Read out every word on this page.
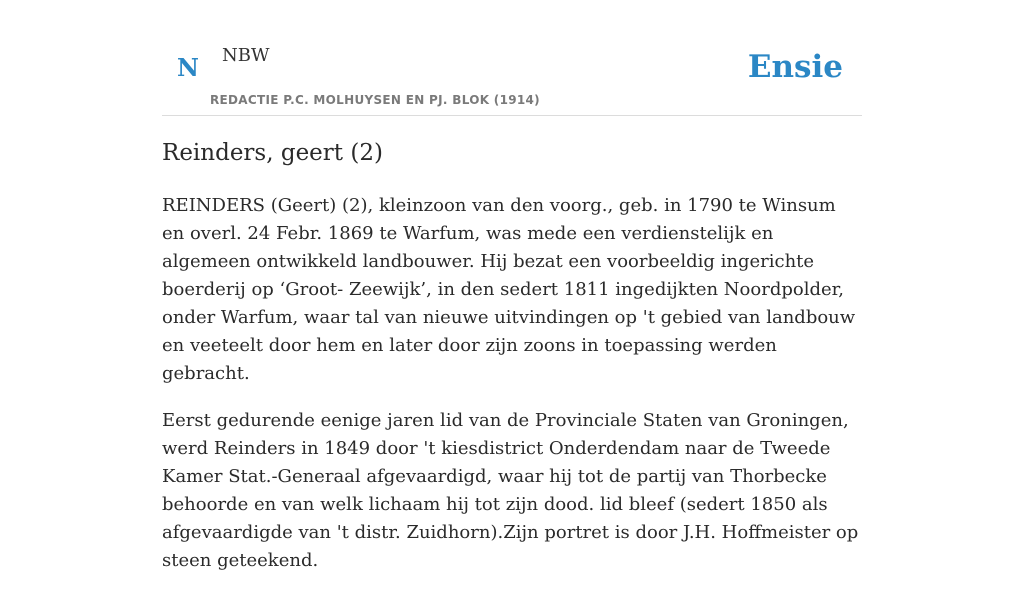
N NBW
REDACTIE P.C. MOLHUYSEN EN PJ. BLOK (1914)
Ensie
Reinders, geert (2)

REINDERS (Geert) (2), kleinzoon van den voorg., geb. in 1790 te Winsum en overl. 24 Febr. 1869 te Warfum, was mede een verdienstelijk en algemeen ontwikkeld landbouwer. Hij bezat een voorbeeldig ingerichte boerderij op ‘Groot- Zeewijk’, in den sedert 1811 ingedijkten Noordpolder, onder Warfum, waar tal van nieuwe uitvindingen op 't gebied van landbouw en veeteelt door hem en later door zijn zoons in toepassing werden gebracht.

Eerst gedurende eenige jaren lid van de Provinciale Staten van Groningen, werd Reinders in 1849 door 't kiesdistrict Onderdendam naar de Tweede Kamer Stat.-Generaal afgevaardigd, waar hij tot de partij van Thorbecke behoorde en van welk lichaam hij tot zijn dood. lid bleef (sedert 1850 als afgevaardigde van 't distr. Zuidhorn).Zijn portret is door J.H. Hoffmeister op steen geteekend.
